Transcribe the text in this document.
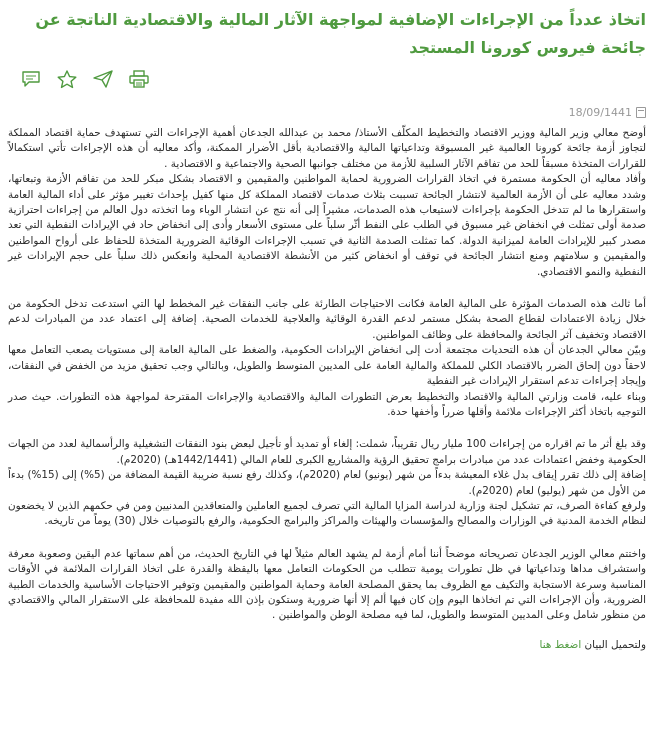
اتخاذ عدداً من الإجراءات الإضافية لمواجهة الآثار المالية والاقتصادية الناتجة عن جائحة فيروس كورونا المستجد
18/09/1441

أوضح معالي وزير المالية ووزير الاقتصاد والتخطيط المكلّف الأستاذ/ محمد بن عبدالله الجدعان أهمية الإجراءات التي تستهدف حماية اقتصاد المملكة لتجاوز أزمة جائحة كورونا العالمية غير المسبوقة وتداعياتها المالية والاقتصادية بأقل الأضرار الممكنة، وأكد معاليه أن هذه الإجراءات تأتي استكمالاً للقرارات المتخذة مسبقاً للحد من تفاقم الآثار السلبية للأزمة من مختلف جوانبها الصحية والاجتماعية و الاقتصادية .

وأفاد معاليه أن الحكومة مستمرة في اتخاذ القرارات الضرورية لحماية المواطنين والمقيمين و الاقتصاد بشكل مبكر للحد من تفاقم الأزمة وتبعاتها، وشدد معاليه على أن الأزمة العالمية لانتشار الجائحة تسببت بثلاث صدمات لاقتصاد المملكة كل منها كفيل بإحداث تغيير مؤثر على أداء المالية العامة واستقرارها ما لم تتدخل الحكومة بإجراءات لاستيعاب هذه الصدمات، مشيراً إلى أنه نتج عن انتشار الوباء وما اتخذته دول العالم من إجراءات احترازية صدمة أولى تمثلت في انخفاض غير مسبوق في الطلب على النفط أثّر سلباً على مستوى الأسعار وأدى إلى انخفاض حاد في الإيرادات النفطية التي تعد مصدر كبير للإيرادات العامة لميزانية الدولة. كما تمثلت الصدمة الثانية في تسبب الإجراءات الوقائية الضرورية المتخذة للحفاظ على أرواح المواطنين والمقيمين و سلامتهم ومنع انتشار الجائحة في توقف أو انخفاض كثير من الأنشطة الاقتصادية المحلية وانعكس ذلك سلباً على حجم الإيرادات غير النفطية والنمو الاقتصادي.

أما ثالث هذه الصدمات المؤثرة على المالية العامة فكانت الاحتياجات الطارئة على جانب النفقات غير المخطط لها التي استدعت تدخل الحكومة من خلال زيادة الاعتمادات لقطاع الصحة بشكل مستمر لدعم القدرة الوقائية والعلاجية للخدمات الصحية. إضافة إلى اعتماد عدد من المبادرات لدعم الاقتصاد وتخفيف آثر الجائحة والمحافظة على وظائف المواطنين.

وبيّن معالي الجدعان أن هذه التحديات مجتمعة أدت إلى انخفاض الإيرادات الحكومية، والضغط على المالية العامة إلى مستويات يصعب التعامل معها لاحقاً دون إلحاق الضرر بالاقتصاد الكلي للمملكة والمالية العامة على المديين المتوسط والطويل، وبالتالي وجب تحقيق مزيد من الخفض في النفقات، وإيجاد إجراءات تدعم استقرار الإيرادات غير النفطية

وبناء عليه، قامت وزارتي المالية والاقتصاد والتخطيط بعرض التطورات المالية والاقتصادية والإجراءات المقترحة لمواجهة هذه التطورات. حيث صدر التوجيه باتخاذ أكثر الإجراءات ملائمة وأقلها ضرراً وأخفها حدة.

وقد بلغ أثر ما تم اقراره من إجراءات 100 مليار ريال تقريباً، شملت: إلغاء أو تمديد أو تأجيل لبعض بنود النفقات التشغيلية والرأسمالية لعدد من الجهات الحكومية وخفض اعتمادات عدد من مبادرات برامج تحقيق الرؤية والمشاريع الكبرى للعام المالي (1442/1441هـ) (2020م).

إضافة إلى ذلك تقرر إيقاف بدل غلاء المعيشة بدءاً من شهر (يونيو) لعام (2020م)، وكذلك رفع نسبة ضريبة القيمة المضافة من (5%) إلى (15%) بدءاً من الأول من شهر (يوليو) لعام (2020م).

ولرفع كفاءة الصرف، تم تشكيل لجنة وزارية لدراسة المزايا المالية التي تصرف لجميع العاملين والمتعاقدين المدنيين ومن في حكمهم الذين لا يخضعون لنظام الخدمة المدنية في الوزارات والمصالح والمؤسسات والهيئات والمراكز والبرامج الحكومية، والرفع بالتوصيات خلال (30) يوماً من تاريخه.

واختتم معالي الوزير الجدعان تصريحاته موضحاً أننا أمام أزمة لم يشهد العالم مثيلاً لها في التاريخ الحديث، من أهم سماتها عدم اليقين وصعوبة معرفة واستشراف مداها وتداعياتها في ظل تطورات يومية تتطلب من الحكومات التعامل معها باليقظة والقدرة على اتخاذ القرارات الملائمة في الأوقات المناسبة وسرعة الاستجابة والتكيف مع الظروف بما يحقق المصلحة العامة وحماية المواطنين والمقيمين وتوفير الاحتياجات الأساسية والخدمات الطبية الضرورية، وأن الإجراءات التي تم اتخاذها اليوم وإن كان فيها ألم إلا أنها ضرورية وستكون بإذن الله مفيدة للمحافظة على الاستقرار المالي والاقتصادي من منظور شامل وعلى المديين المتوسط والطويل، لما فيه مصلحة الوطن والمواطنين .

ولتحميل البيان اضغط هنا
